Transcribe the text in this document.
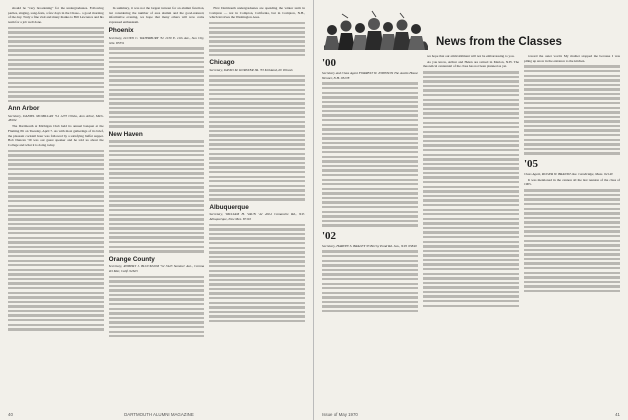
should be "very broadening" for the undergraduates. Following parties, singing, song-fests, a few days in the Chase... a good morning of the day. Truly a fine visit and many thanks to Bill Lawrence and his team for a job well done.

Ann Arbor

Secretary, DANIEL MCMILLAN '54 1473 Olivia, Ann Arbor, Mich. 48104

The Dartmouth at Michigan Club held its annual banquet at the Flaming Pit on Tuesday, April 7. As with most gatherings of its brief, the pleasant cocktail hour was followed by a satisfying buffet supper. Bob Duncan '39 was our guest speaker and he told us about the College and what it is doing today.

In summary, it was not the largest turnout for an alumni function, but considering the number of area alumni and the good-natured, informative evening, we hope that many others will now come expressed enthusiasm.

Phoenix

Secretary, LLOYD C. WATERBURY '32 1130 E. 11th Ave., Sun City, Ariz. 85351

New Haven

Orange County

Secretary, ROBERT J. BLOCKSOM '52 3423 Summer Ave., Corona del Mar, Calif. 92625

First Dartmouth undergraduates are spending the winter term in Compton — not in Compton, California, but in Compton, N.H., which involves the Washington Area.

Chicago

Secretary, DAVID M. KURSTER JR. '33 Kirkland, Ill. Illinois

Albuquerque

Secretary, WILLIAM H. VAUN '42 4024 Comanche Rd., N.E. Albuquerque, New Mex. 87110

40	DARTMOUTH ALUMNI MAGAZINE
News from the Classes

'00

Secretary and Class Agent FORREST W. JOHNSON The Austin House Wenner, N.H. 03278

'02

Secretary, HARVEY S. BRALEY 33 Birchy Pond Rd. Jan., N.H. 03840

we hope that our amlicabilment will not be embarrassing to you.

As you know, Arthur and Helen are retired in Marion, N.H. The theoretical centennial of the class has not been planned as yet.

toward the outer world. My mother stopped me because I was piling up snow in the entrance to the kitchen.

'05

Class Agent, ROGER W. BRANDT Ave. Cambridge, Mass. 02140

It was mentioned in the cannon all the last reunion of the class of 1905.

Issue of May 1970	41
